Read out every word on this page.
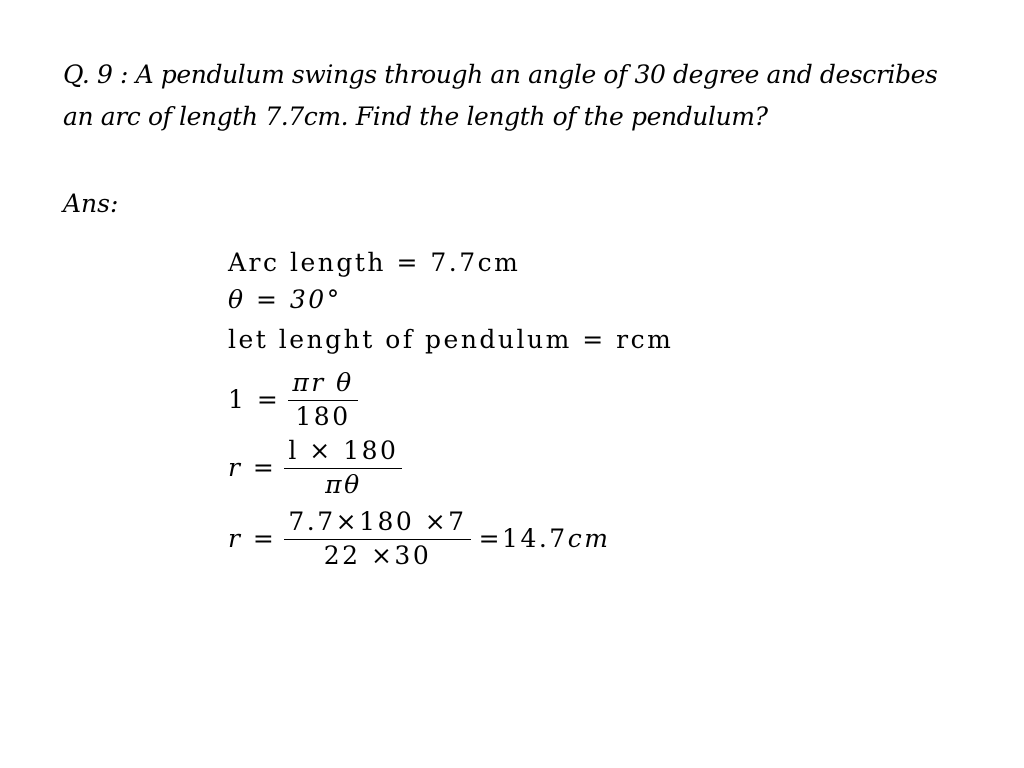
Q. 9 : A pendulum swings through an angle of 30 degree and describes an arc of length 7.7cm. Find the length of the pendulum?

Ans:

Arc length = 7.7cm
θ = 30°
let lenght of pendulum = rcm
$1 = \frac{\text{πr θ}}{180}$
$r = \frac{l \times 180}{\pi\theta}$
$r = \frac{7.7\times 180 \times 7}{22 \times 30} = 14.7$ cm
